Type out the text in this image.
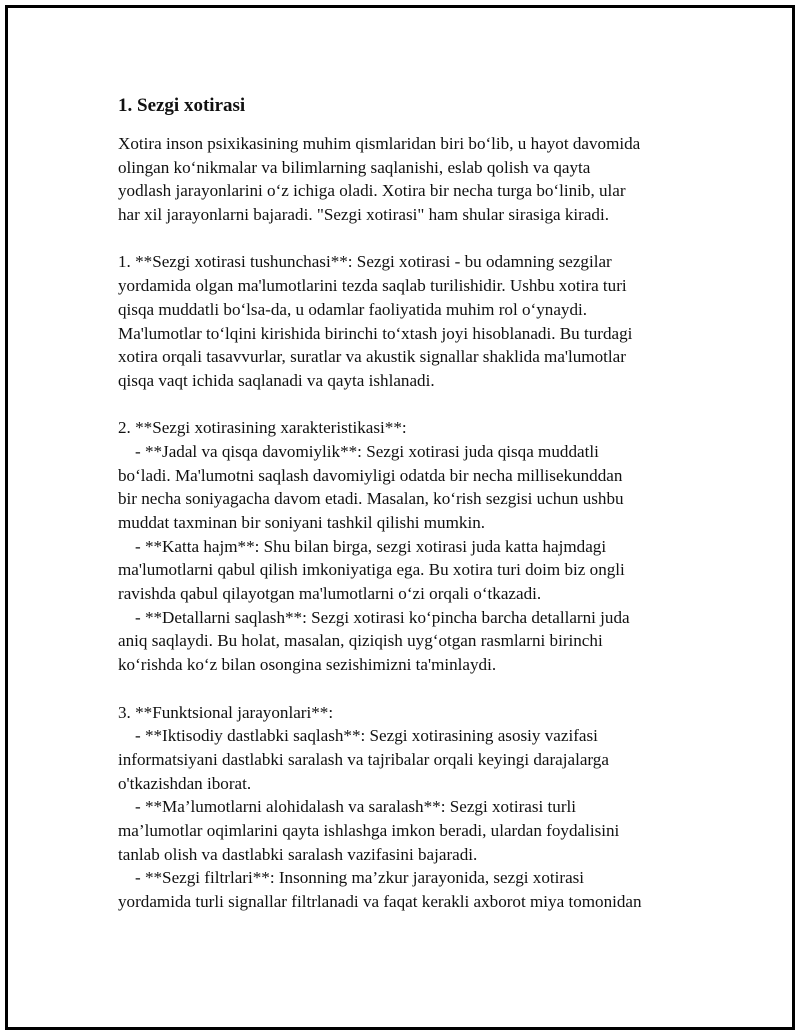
1. Sezgi xotirasi
Xotira inson psixikasining muhim qismlaridan biri bo‘lib, u hayot davomida
olingan ko‘nikmalar va bilimlarning saqlanishi, eslab qolish va qayta
yodlash jarayonlarini o‘z ichiga oladi. Xotira bir necha turga bo‘linib, ular
har xil jarayonlarni bajaradi. "Sezgi xotirasi" ham shular sirasiga kiradi.
1. **Sezgi xotirasi tushunchasi**: Sezgi xotirasi - bu odamning sezgilar
yordamida olgan ma'lumotlarini tezda saqlab turilishidir. Ushbu xotira turi
qisqa muddatli bo‘lsa-da, u odamlar faoliyatida muhim rol o‘ynaydi.
Ma'lumotlar to‘lqini kirishida birinchi to‘xtash joyi hisoblanadi. Bu turdagi
xotira orqali tasavvurlar, suratlar va akustik signallar shaklida ma'lumotlar
qisqa vaqt ichida saqlanadi va qayta ishlanadi.
2. **Sezgi xotirasining xarakteristikasi**:
- **Jadal va qisqa davomiylik**: Sezgi xotirasi juda qisqa muddatli
bo‘ladi. Ma'lumotni saqlash davomiyligi odatda bir necha millisekunddan
bir necha soniyagacha davom etadi. Masalan, ko‘rish sezgisi uchun ushbu
muddat taxminan bir soniyani tashkil qilishi mumkin.
- **Katta hajm**: Shu bilan birga, sezgi xotirasi juda katta hajmdagi
ma'lumotlarni qabul qilish imkoniyatiga ega. Bu xotira turi doim biz ongli
ravishda qabul qilayotgan ma'lumotlarni o‘zi orqali o‘tkazadi.
- **Detallarni saqlash**: Sezgi xotirasi ko‘pincha barcha detallarni juda
aniq saqlaydi. Bu holat, masalan, qiziqish uyg‘otgan rasmlarni birinchi
ko‘rishda ko‘z bilan osongina sezishimizni ta'minlaydi.
3. **Funktsional jarayonlari**:
- **Iktisodiy dastlabki saqlash**: Sezgi xotirasining asosiy vazifasi
informatsiyani dastlabki saralash va tajribalar orqali keyingi darajalarga
o'tkazishdan iborat.
- **Ma’lumotlarni alohidalash va saralash**: Sezgi xotirasi turli
ma’lumotlar oqimlarini qayta ishlashga imkon beradi, ulardan foydalisini
tanlab olish va dastlabki saralash vazifasini bajaradi.
- **Sezgi filtrlari**: Insonning ma’zkur jarayonida, sezgi xotirasi
yordamida turli signallar filtrlanadi va faqat kerakli axborot miya tomonidan
